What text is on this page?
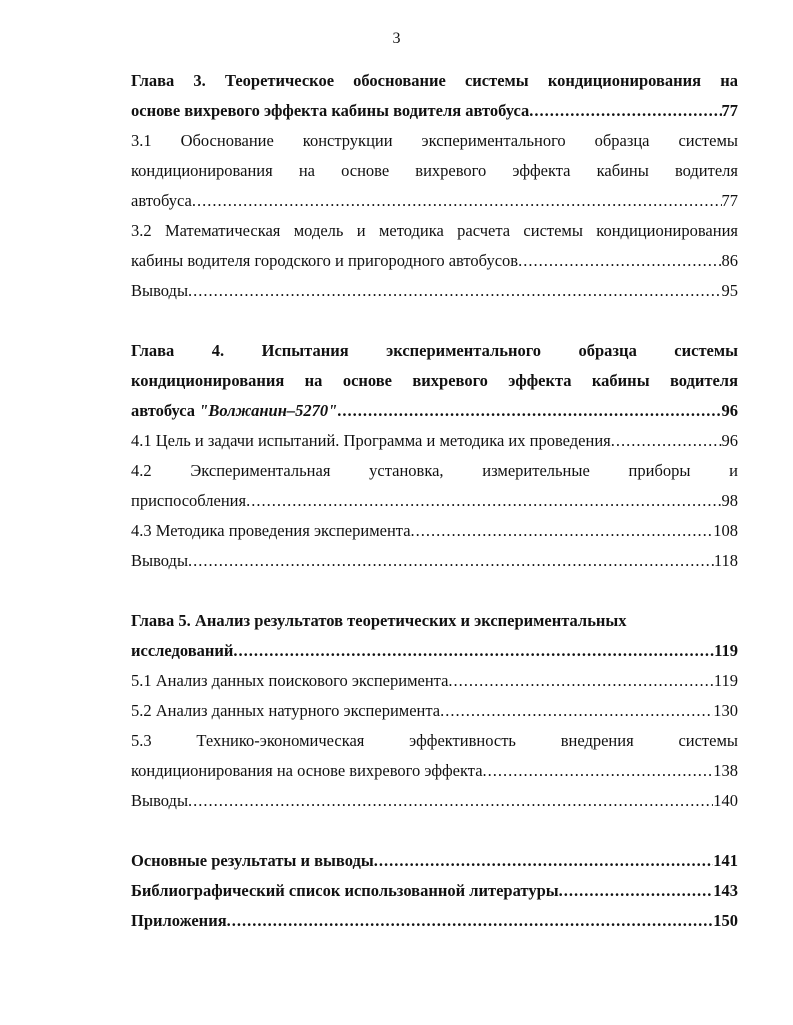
3
Глава 3. Теоретическое обоснование системы кондиционирования на
основе вихревого эффекта кабины водителя автобуса .....	77
3.1 Обоснование конструкции экспериментального образца системы
кондиционирования на основе вихревого эффекта кабины водителя
автобуса .....	77
3.2 Математическая модель и методика расчета системы кондиционирования
кабины водителя городского и пригородного автобусов .....	86
Выводы .....	95
Глава 4. Испытания экспериментального образца системы
кондиционирования на основе вихревого эффекта кабины водителя
автобуса "Волжанин–5270" .....	96
4.1 Цель и задачи испытаний. Программа и методика их проведения .....	96
4.2 Экспериментальная установка, измерительные приборы и
приспособления .....	98
4.3 Методика проведения эксперимента .....	108
Выводы .....	118
Глава 5. Анализ результатов теоретических и экспериментальных
исследований .....	119
5.1 Анализ данных поискового эксперимента .....	119
5.2 Анализ данных натурного эксперимента .....	130
5.3 Технико-экономическая эффективность внедрения системы
кондиционирования на основе вихревого эффекта .....	138
Выводы .....	140
Основные результаты и выводы .....	141
Библиографический список использованной литературы .....	143
Приложения .....	150
